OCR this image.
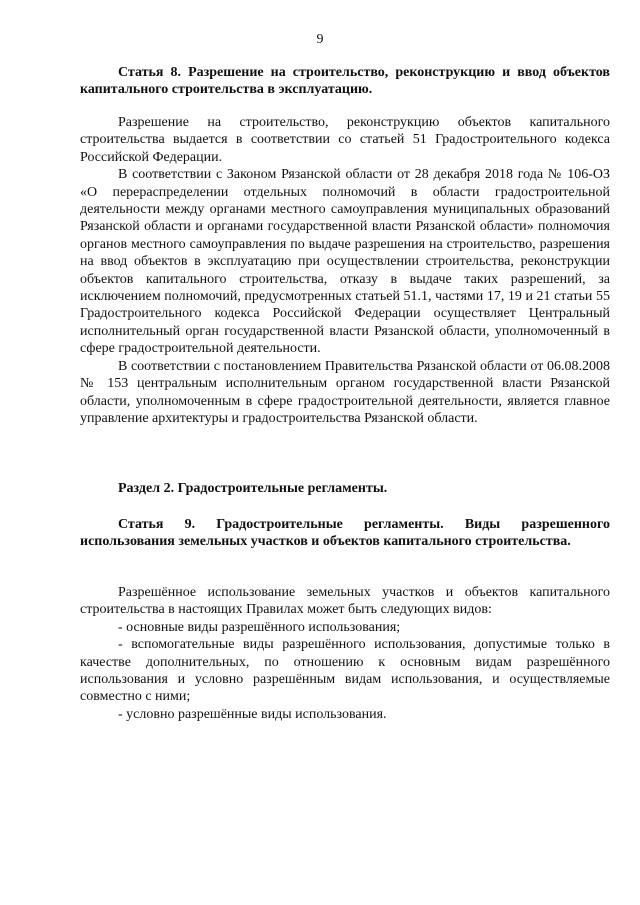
9
Статья 8. Разрешение на строительство, реконструкцию и ввод объектов капитального строительства в эксплуатацию.

Разрешение на строительство, реконструкцию объектов капитального строительства выдается в соответствии со статьей 51 Градостроительного кодекса Российской Федерации.

В соответствии с Законом Рязанской области от 28 декабря 2018 года № 106-ОЗ «О перераспределении отдельных полномочий в области градостроительной деятельности между органами местного самоуправления муниципальных образований Рязанской области и органами государственной власти Рязанской области» полномочия органов местного самоуправления по выдаче разрешения на строительство, разрешения на ввод объектов в эксплуатацию при осуществлении строительства, реконструкции объектов капитального строительства, отказу в выдаче таких разрешений, за исключением полномочий, предусмотренных статьей 51.1, частями 17, 19 и 21 статьи 55 Градостроительного кодекса Российской Федерации осуществляет Центральный исполнительный орган государственной власти Рязанской области, уполномоченный в сфере градостроительной деятельности.

В соответствии с постановлением Правительства Рязанской области от 06.08.2008 № 153 центральным исполнительным органом государственной власти Рязанской области, уполномоченным в сфере градостроительной деятельности, является главное управление архитектуры и градостроительства Рязанской области.

Раздел 2. Градостроительные регламенты.
Статья 9. Градостроительные регламенты. Виды разрешенного использования земельных участков и объектов капитального строительства.

Разрешённое использование земельных участков и объектов капитального строительства в настоящих Правилах может быть следующих видов:

- основные виды разрешённого использования;

- вспомогательные виды разрешённого использования, допустимые только в качестве дополнительных, по отношению к основным видам разрешённого использования и условно разрешённым видам использования, и осуществляемые совместно с ними;

- условно разрешённые виды использования.
